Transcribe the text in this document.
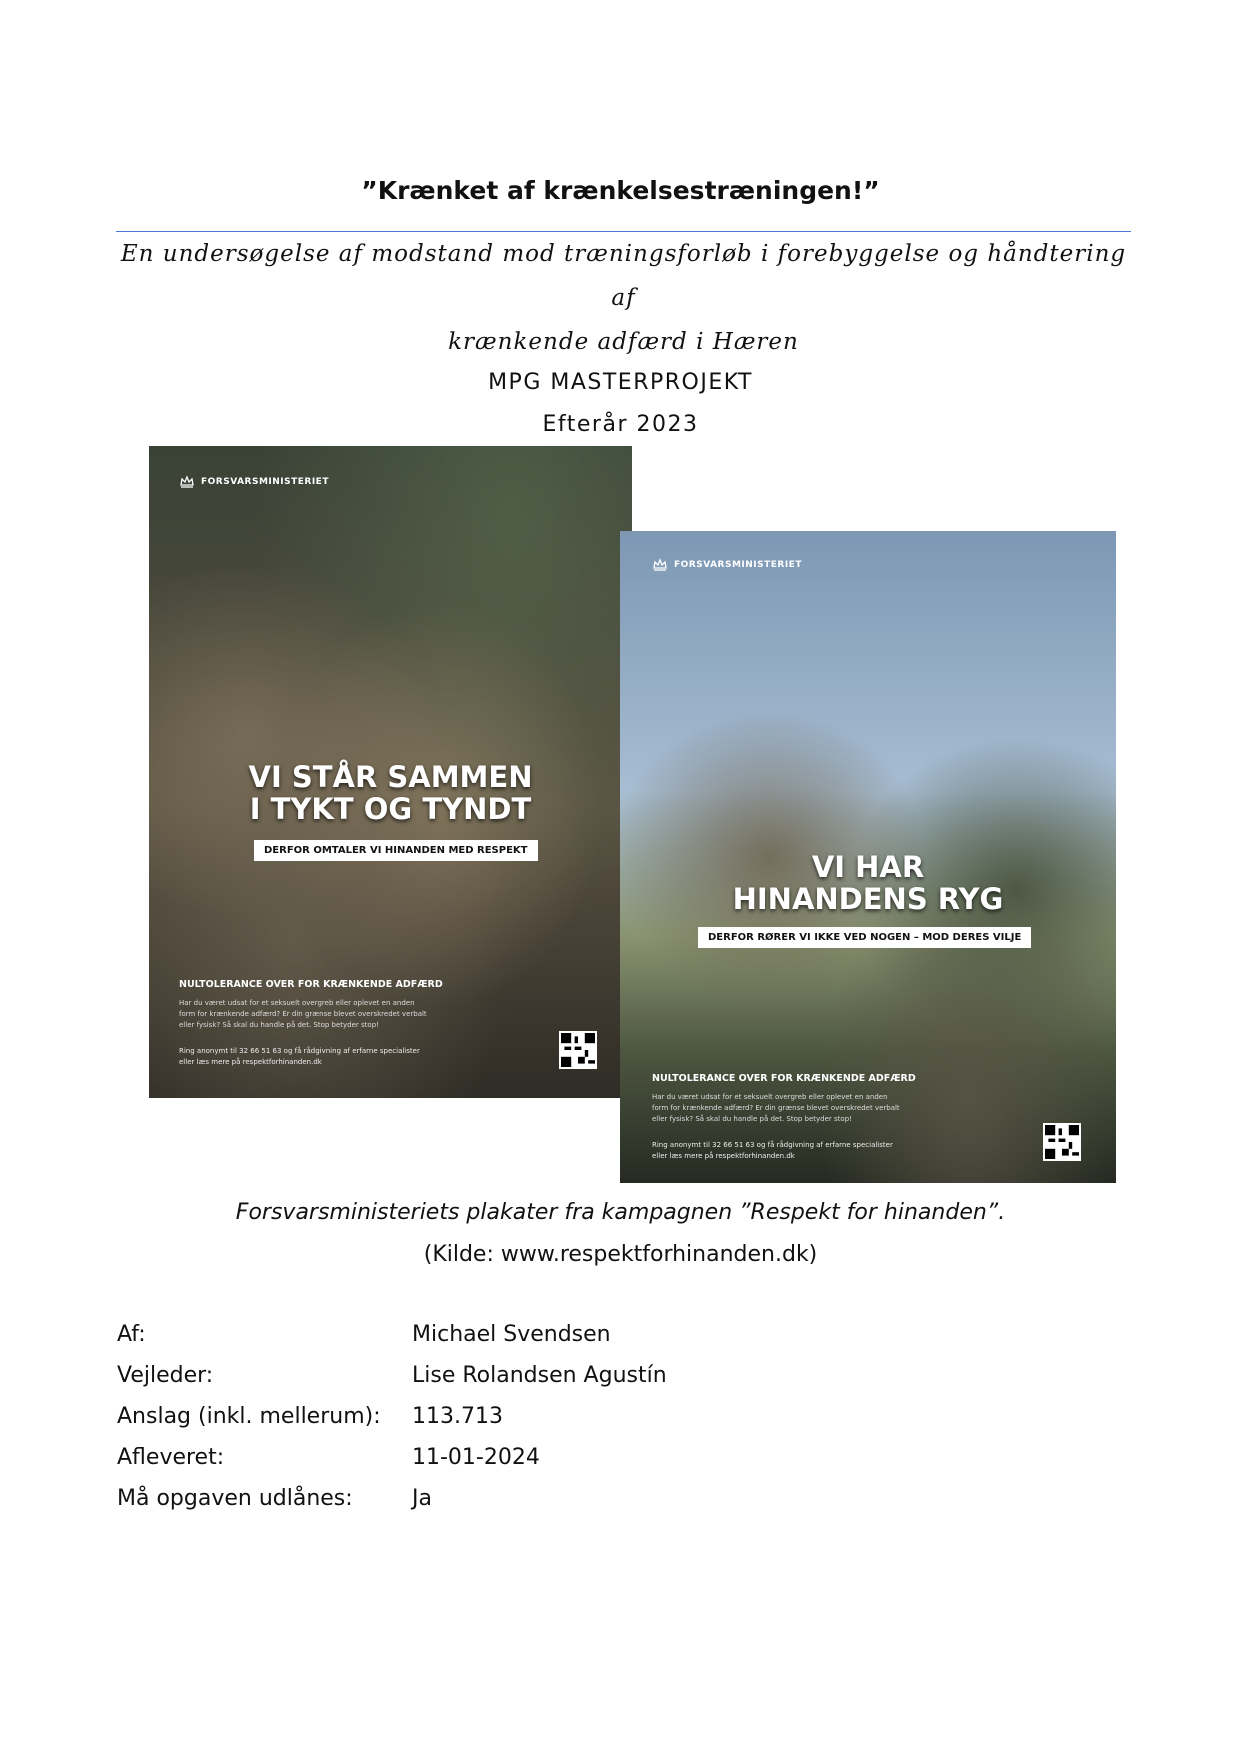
”Krænket af krænkelsestræningen!”
En undersøgelse af modstand mod træningsforløb i forebyggelse og håndtering af
krænkende adfærd i Hæren
MPG MASTERPROJEKT
Efterår 2023
FORSVARSMINISTERIET
VI STÅR SAMMEN
I TYKT OG TYNDT
DERFOR OMTALER VI HINANDEN MED RESPEKT
NULTOLERANCE OVER FOR KRÆNKENDE ADFÆRD
Har du været udsat for et seksuelt overgreb eller oplevet en anden
form for krænkende adfærd? Er din grænse blevet overskredet verbalt
eller fysisk? Så skal du handle på det. Stop betyder stop!
Ring anonymt til 32 66 51 63 og få rådgivning af erfarne specialister
eller læs mere på respektforhinanden.dk
FORSVARSMINISTERIET
VI HAR
HINANDENS RYG
DERFOR RØRER VI IKKE VED NOGEN – MOD DERES VILJE
NULTOLERANCE OVER FOR KRÆNKENDE ADFÆRD
Har du været udsat for et seksuelt overgreb eller oplevet en anden
form for krænkende adfærd? Er din grænse blevet overskredet verbalt
eller fysisk? Så skal du handle på det. Stop betyder stop!
Ring anonymt til 32 66 51 63 og få rådgivning af erfarne specialister
eller læs mere på respektforhinanden.dk
Forsvarsministeriets plakater fra kampagnen ”Respekt for hinanden”.
(Kilde: www.respektforhinanden.dk)
Af:	Michael Svendsen
Vejleder:	Lise Rolandsen Agustín
Anslag (inkl. mellerum):	113.713
Afleveret:	11-01-2024
Må opgaven udlånes:	Ja
